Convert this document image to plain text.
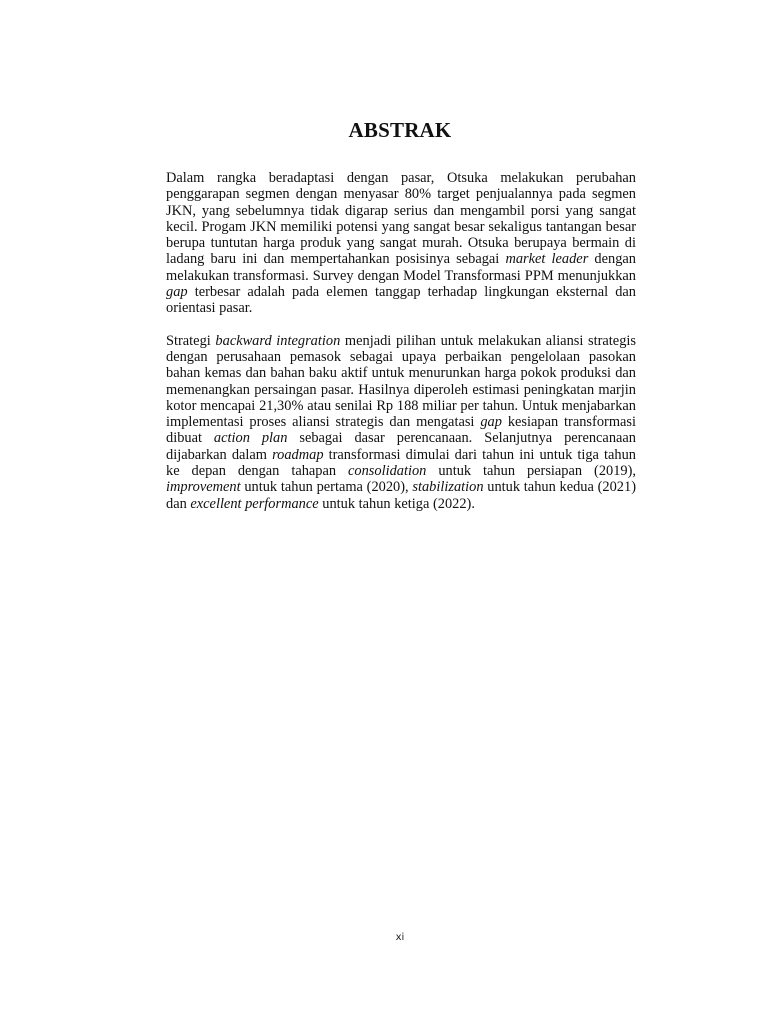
ABSTRAK

Dalam rangka beradaptasi dengan pasar, Otsuka melakukan perubahan penggarapan segmen dengan menyasar 80% target penjualannya pada segmen JKN, yang sebelumnya tidak digarap serius dan mengambil porsi yang sangat kecil. Progam JKN memiliki potensi yang sangat besar sekaligus tantangan besar berupa tuntutan harga produk yang sangat murah. Otsuka berupaya bermain di ladang baru ini dan mempertahankan posisinya sebagai market leader dengan melakukan transformasi. Survey dengan Model Transformasi PPM menunjukkan gap terbesar adalah pada elemen tanggap terhadap lingkungan eksternal dan orientasi pasar.

Strategi backward integration menjadi pilihan untuk melakukan aliansi strategis dengan perusahaan pemasok sebagai upaya perbaikan pengelolaan pasokan bahan kemas dan bahan baku aktif untuk menurunkan harga pokok produksi dan memenangkan persaingan pasar. Hasilnya diperoleh estimasi peningkatan marjin kotor mencapai 21,30% atau senilai Rp 188 miliar per tahun. Untuk menjabarkan implementasi proses aliansi strategis dan mengatasi gap kesiapan transformasi dibuat action plan sebagai dasar perencanaan. Selanjutnya perencanaan dijabarkan dalam roadmap transformasi dimulai dari tahun ini untuk tiga tahun ke depan dengan tahapan consolidation untuk tahun persiapan (2019), improvement untuk tahun pertama (2020), stabilization untuk tahun kedua (2021) dan excellent performance untuk tahun ketiga (2022).

xi
